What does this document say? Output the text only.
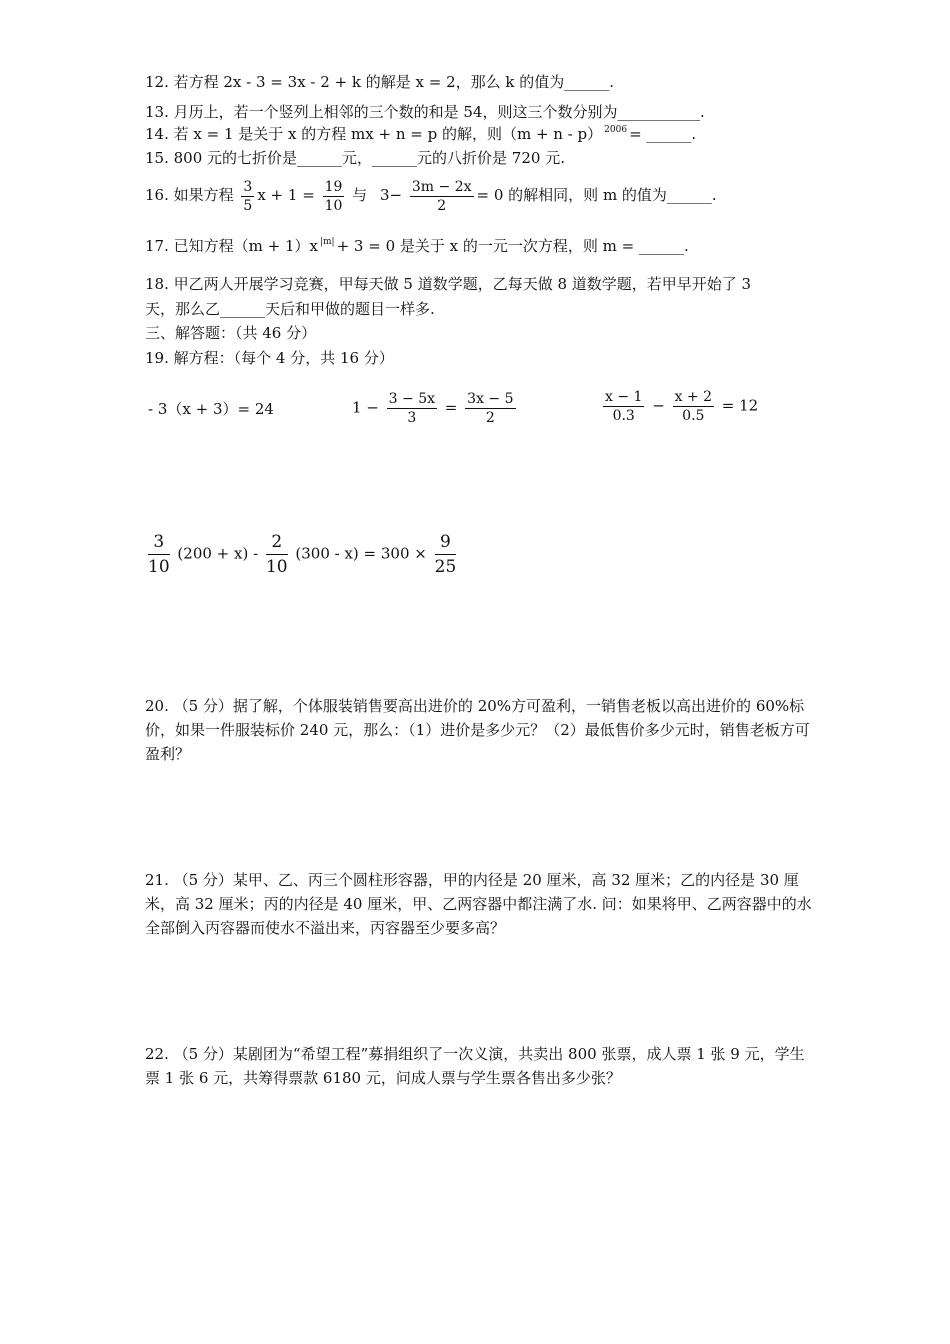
12. 若方程 2x - 3 = 3x - 2 + k 的解是 x = 2，那么 k 的值为______.
13. 月历上，若一个竖列上相邻的三个数的和是 54，则这三个数分别为___________.
14. 若 x = 1 是关于 x 的方程 mx + n = p 的解，则（m + n - p） $^{2006}$ = ______.
15. 800 元的七折价是______元，______元的八折价是 720 元.
16. 如果方程 $\frac{3}{5}$ $x + 1 = \frac{19}{10}$ 与 $3- \frac{3m - 2x}{2} = 0$ 的解相同，则 m 的值为______.
17. 已知方程（m + 1）x $^{|m|}$ + 3 = 0 是关于 x 的一元一次方程，则 m = ______.
18. 甲乙两人开展学习竞赛，甲每天做 5 道数学题，乙每天做 8 道数学题，若甲早开始了 3
天，那么乙______天后和甲做的题目一样多.
三、解答题：（共 46 分）
19. 解方程：（每个 4 分，共 16 分）
- 3（x + 3）= 24	$1 - \frac{3 - 5x}{3} = \frac{3x - 5}{2}$	$\frac{x - 1}{0.3} - \frac{x + 2}{0.5} = 12$
$\frac{3}{10} (200 + x) - \frac{2}{10} (300 - x) = 300 \times \frac{9}{25}$
20. （5 分）据了解，个体服装销售要高出进价的 20%方可盈利，一销售老板以高出进价的 60%标价，如果一件服装标价 240 元，那么：（1）进价是多少元？（2）最低售价多少元时，销售老板方可盈利？
21. （5 分）某甲、乙、丙三个圆柱形容器，甲的内径是 20 厘米，高 32 厘米；乙的内径是 30 厘米，高 32 厘米；丙的内径是 40 厘米，甲、乙两容器中都注满了水. 问：如果将甲、乙两容器中的水全部倒入丙容器而使水不溢出来，丙容器至少要多高？
22. （5 分）某剧团为“希望工程”募捐组织了一次义演，共卖出 800 张票，成人票 1 张 9 元，学生票 1 张 6 元，共筹得票款 6180 元，问成人票与学生票各售出多少张？
